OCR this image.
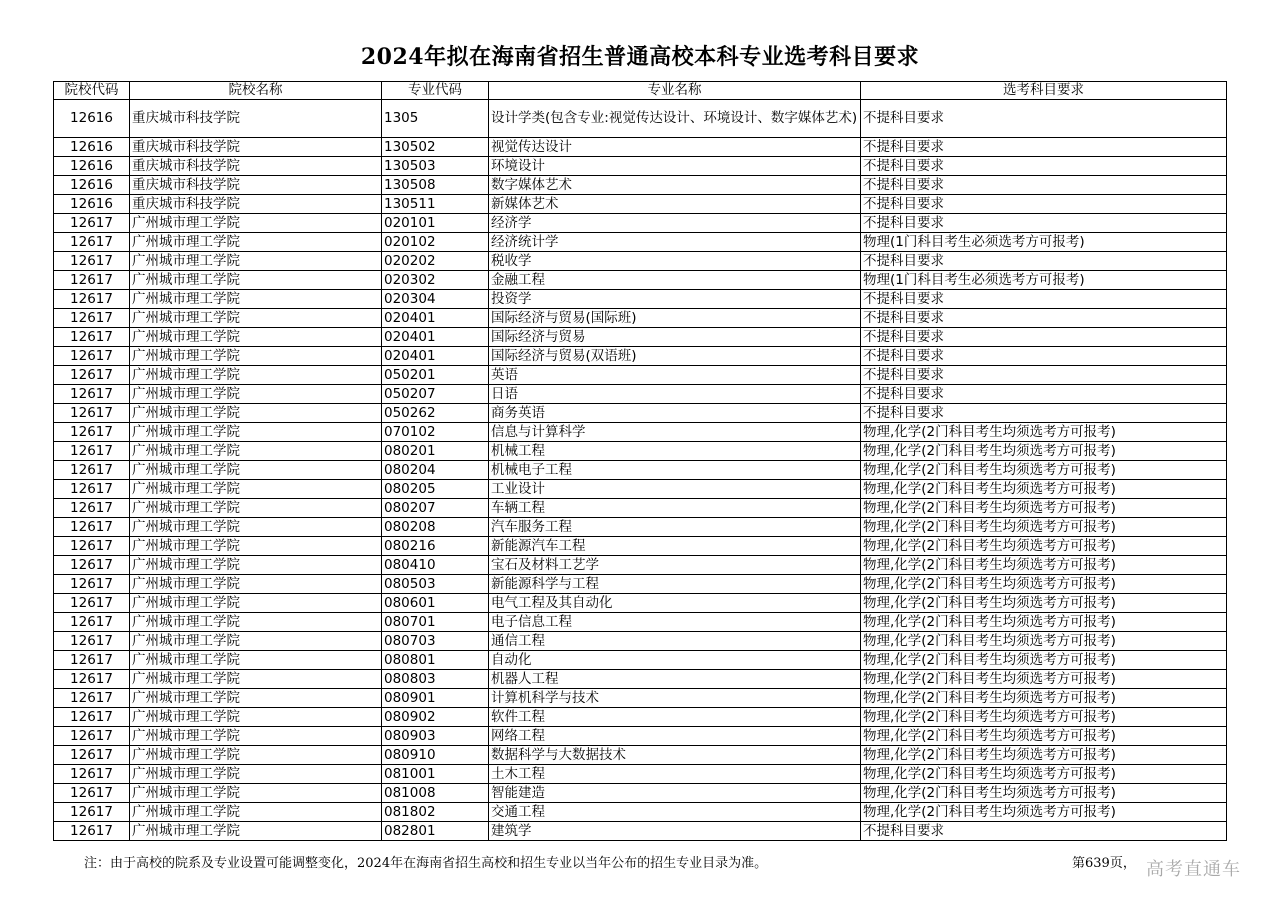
2024年拟在海南省招生普通高校本科专业选考科目要求
院校代码	院校名称	专业代码	专业名称	选考科目要求
12616	重庆城市科技学院	1305	设计学类(包含专业:视觉传达设计、环境设计、数字媒体艺术)	不提科目要求
12616	重庆城市科技学院	130502	视觉传达设计	不提科目要求
12616	重庆城市科技学院	130503	环境设计	不提科目要求
12616	重庆城市科技学院	130508	数字媒体艺术	不提科目要求
12616	重庆城市科技学院	130511	新媒体艺术	不提科目要求
12617	广州城市理工学院	020101	经济学	不提科目要求
12617	广州城市理工学院	020102	经济统计学	物理(1门科目考生必须选考方可报考)
12617	广州城市理工学院	020202	税收学	不提科目要求
12617	广州城市理工学院	020302	金融工程	物理(1门科目考生必须选考方可报考)
12617	广州城市理工学院	020304	投资学	不提科目要求
12617	广州城市理工学院	020401	国际经济与贸易(国际班)	不提科目要求
12617	广州城市理工学院	020401	国际经济与贸易	不提科目要求
12617	广州城市理工学院	020401	国际经济与贸易(双语班)	不提科目要求
12617	广州城市理工学院	050201	英语	不提科目要求
12617	广州城市理工学院	050207	日语	不提科目要求
12617	广州城市理工学院	050262	商务英语	不提科目要求
12617	广州城市理工学院	070102	信息与计算科学	物理,化学(2门科目考生均须选考方可报考)
12617	广州城市理工学院	080201	机械工程	物理,化学(2门科目考生均须选考方可报考)
12617	广州城市理工学院	080204	机械电子工程	物理,化学(2门科目考生均须选考方可报考)
12617	广州城市理工学院	080205	工业设计	物理,化学(2门科目考生均须选考方可报考)
12617	广州城市理工学院	080207	车辆工程	物理,化学(2门科目考生均须选考方可报考)
12617	广州城市理工学院	080208	汽车服务工程	物理,化学(2门科目考生均须选考方可报考)
12617	广州城市理工学院	080216	新能源汽车工程	物理,化学(2门科目考生均须选考方可报考)
12617	广州城市理工学院	080410	宝石及材料工艺学	物理,化学(2门科目考生均须选考方可报考)
12617	广州城市理工学院	080503	新能源科学与工程	物理,化学(2门科目考生均须选考方可报考)
12617	广州城市理工学院	080601	电气工程及其自动化	物理,化学(2门科目考生均须选考方可报考)
12617	广州城市理工学院	080701	电子信息工程	物理,化学(2门科目考生均须选考方可报考)
12617	广州城市理工学院	080703	通信工程	物理,化学(2门科目考生均须选考方可报考)
12617	广州城市理工学院	080801	自动化	物理,化学(2门科目考生均须选考方可报考)
12617	广州城市理工学院	080803	机器人工程	物理,化学(2门科目考生均须选考方可报考)
12617	广州城市理工学院	080901	计算机科学与技术	物理,化学(2门科目考生均须选考方可报考)
12617	广州城市理工学院	080902	软件工程	物理,化学(2门科目考生均须选考方可报考)
12617	广州城市理工学院	080903	网络工程	物理,化学(2门科目考生均须选考方可报考)
12617	广州城市理工学院	080910	数据科学与大数据技术	物理,化学(2门科目考生均须选考方可报考)
12617	广州城市理工学院	081001	土木工程	物理,化学(2门科目考生均须选考方可报考)
12617	广州城市理工学院	081008	智能建造	物理,化学(2门科目考生均须选考方可报考)
12617	广州城市理工学院	081802	交通工程	物理,化学(2门科目考生均须选考方可报考)
12617	广州城市理工学院	082801	建筑学	不提科目要求
注：由于高校的院系及专业设置可能调整变化，2024年在海南省招生高校和招生专业以当年公布的招生专业目录为准。	第639页， 高考直通车
